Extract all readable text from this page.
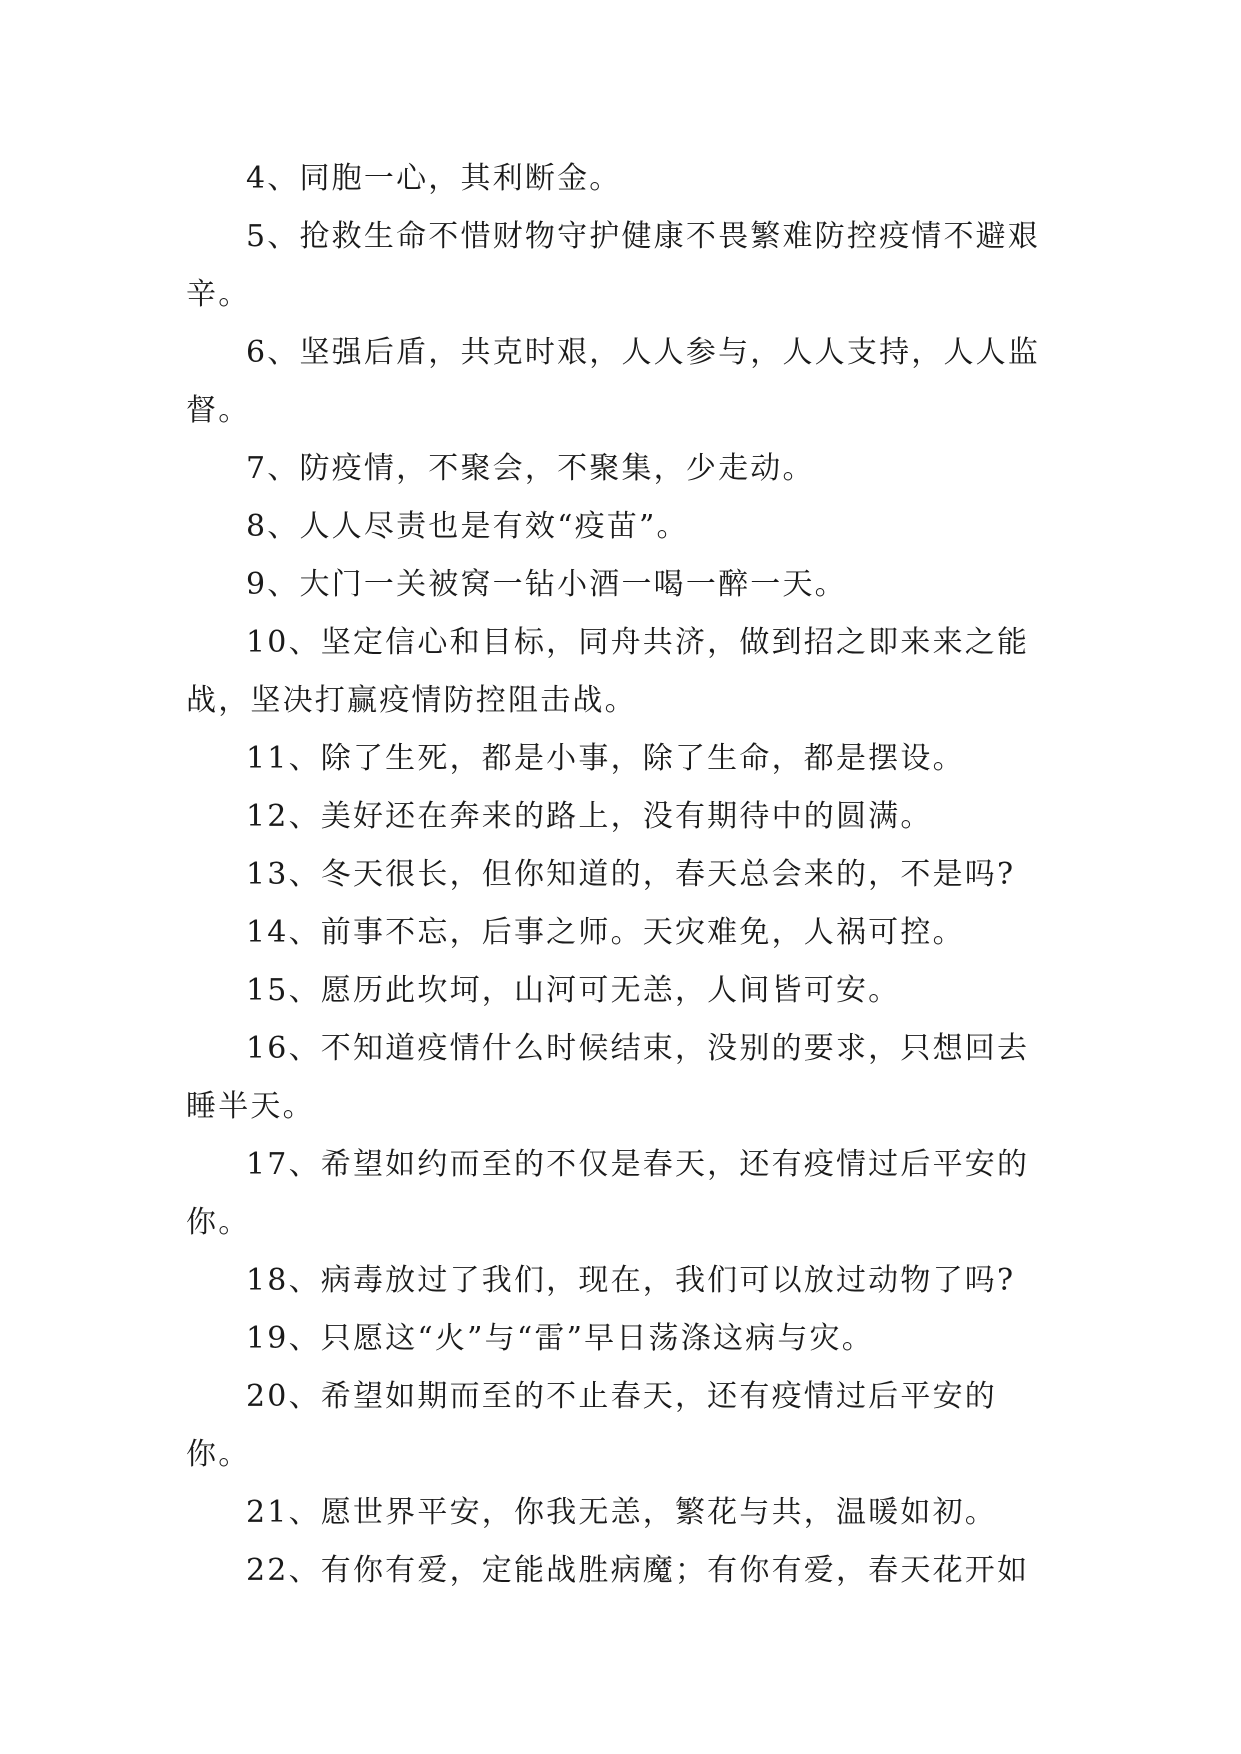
4、同胞一心，其利断金。

5、抢救生命不惜财物守护健康不畏繁难防控疫情不避艰辛。

6、坚强后盾，共克时艰，人人参与，人人支持，人人监督。

7、防疫情，不聚会，不聚集，少走动。

8、人人尽责也是有效“疫苗”。

9、大门一关被窝一钻小酒一喝一醉一天。

10、坚定信心和目标，同舟共济，做到招之即来来之能战，坚决打赢疫情防控阻击战。

11、除了生死，都是小事，除了生命，都是摆设。

12、美好还在奔来的路上，没有期待中的圆满。

13、冬天很长，但你知道的，春天总会来的，不是吗?

14、前事不忘，后事之师。天灾难免，人祸可控。

15、愿历此坎坷，山河可无恙，人间皆可安。

16、不知道疫情什么时候结束，没别的要求，只想回去睡半天。

17、希望如约而至的不仅是春天，还有疫情过后平安的你。

18、病毒放过了我们，现在，我们可以放过动物了吗?

19、只愿这“火”与“雷”早日荡涤这病与灾。

20、希望如期而至的不止春天，还有疫情过后平安的你。

21、愿世界平安，你我无恙，繁花与共，温暖如初。

22、有你有爱，定能战胜病魔；有你有爱，春天花开如
